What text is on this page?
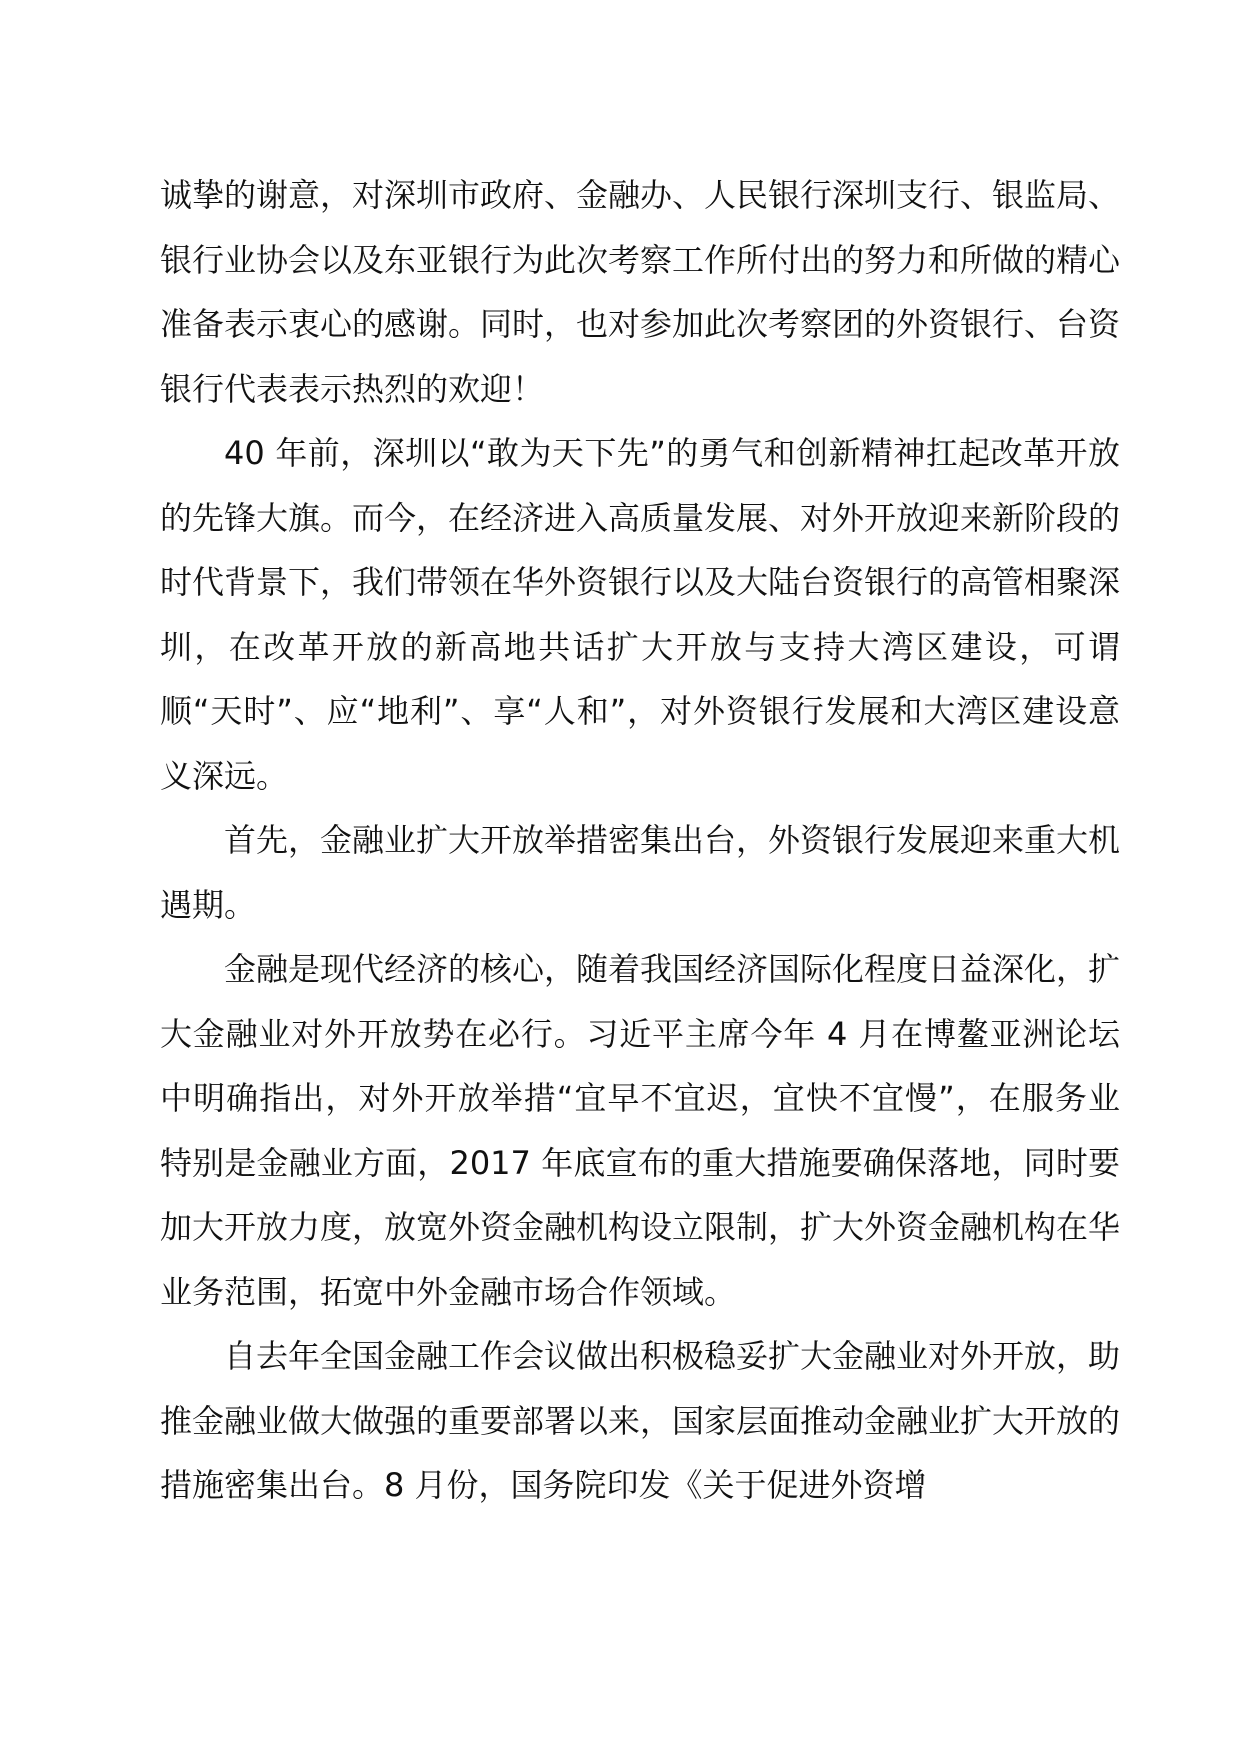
诚挚的谢意，对深圳市政府、金融办、人民银行深圳支行、银监局、银行业协会以及东亚银行为此次考察工作所付出的努力和所做的精心准备表示衷心的感谢。同时，也对参加此次考察团的外资银行、台资银行代表表示热烈的欢迎！

40 年前，深圳以“敢为天下先”的勇气和创新精神扛起改革开放的先锋大旗。而今，在经济进入高质量发展、对外开放迎来新阶段的时代背景下，我们带领在华外资银行以及大陆台资银行的高管相聚深圳，在改革开放的新高地共话扩大开放与支持大湾区建设，可谓顺“天时”、应“地利”、享“人和”，对外资银行发展和大湾区建设意义深远。

首先，金融业扩大开放举措密集出台，外资银行发展迎来重大机遇期。

金融是现代经济的核心，随着我国经济国际化程度日益深化，扩大金融业对外开放势在必行。习近平主席今年 4 月在博鳌亚洲论坛中明确指出，对外开放举措“宜早不宜迟，宜快不宜慢”，在服务业特别是金融业方面，2017 年底宣布的重大措施要确保落地，同时要加大开放力度，放宽外资金融机构设立限制，扩大外资金融机构在华业务范围，拓宽中外金融市场合作领域。

自去年全国金融工作会议做出积极稳妥扩大金融业对外开放，助推金融业做大做强的重要部署以来，国家层面推动金融业扩大开放的措施密集出台。8 月份，国务院印发《关于促进外资增
